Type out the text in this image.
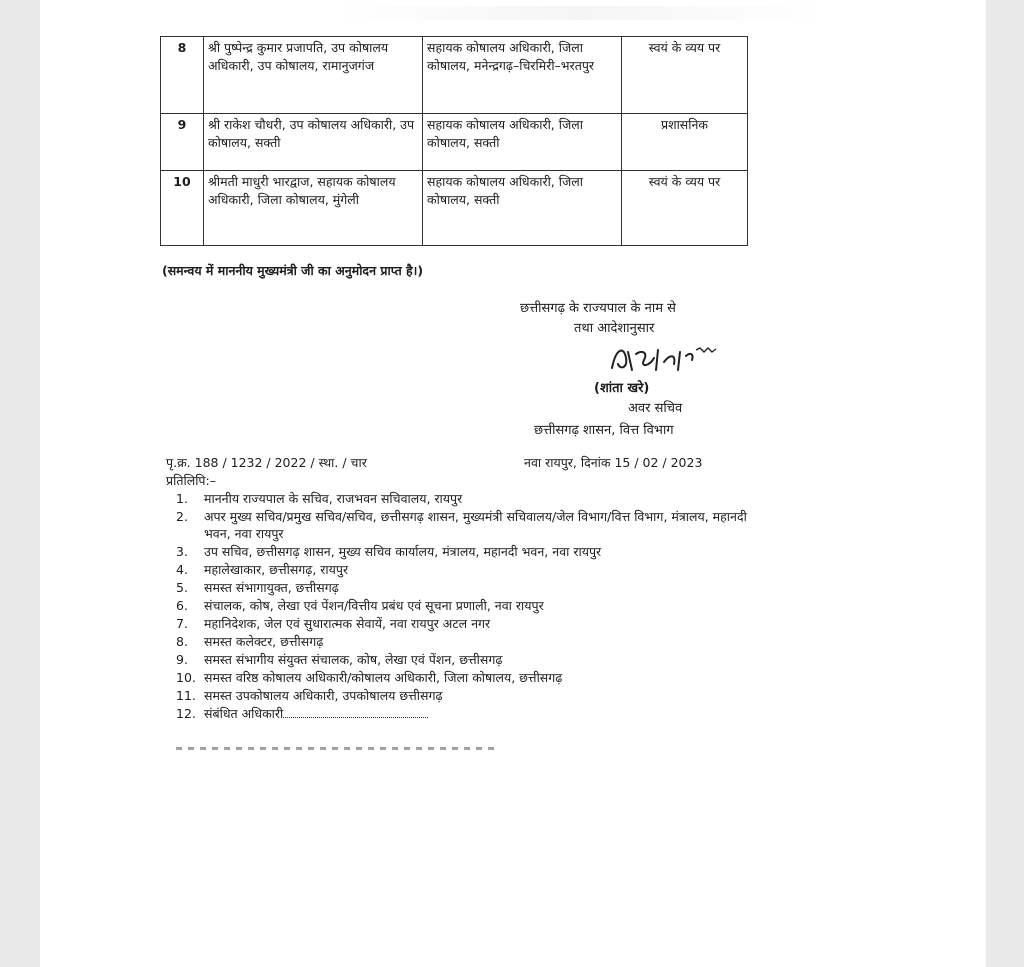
8	श्री पुष्पेन्द्र कुमार प्रजापति, उप कोषालय अधिकारी, उप कोषालय, रामानुजगंज	सहायक कोषालय अधिकारी, जिला कोषालय, मनेन्द्रगढ़–चिरमिरी–भरतपुर	स्वयं के व्यय पर
9	श्री राकेश चौधरी, उप कोषालय अधिकारी, उप कोषालय, सक्ती	सहायक कोषालय अधिकारी, जिला कोषालय, सक्ती	प्रशासनिक
10	श्रीमती माधुरी भारद्वाज, सहायक कोषालय अधिकारी, जिला कोषालय, मुंगेली	सहायक कोषालय अधिकारी, जिला कोषालय, सक्ती	स्वयं के व्यय पर
(समन्वय में माननीय मुख्यमंत्री जी का अनुमोदन प्राप्त है।)
छत्तीसगढ़ के राज्यपाल के नाम से
तथा आदेशानुसार
(शांता खरे)
अवर सचिव
छत्तीसगढ़ शासन, वित्त विभाग
पृ.क्र. 188 / 1232 / 2022 / स्था. / चार	नवा रायपुर, दिनांक 15 / 02 / 2023
प्रतिलिपि:–
1. माननीय राज्यपाल के सचिव, राजभवन सचिवालय, रायपुर
2. अपर मुख्य सचिव/प्रमुख सचिव/सचिव, छत्तीसगढ़ शासन, मुख्यमंत्री सचिवालय/जेल विभाग/वित्त विभाग, मंत्रालय, महानदी भवन, नवा रायपुर
3. उप सचिव, छत्तीसगढ़ शासन, मुख्य सचिव कार्यालय, मंत्रालय, महानदी भवन, नवा रायपुर
4. महालेखाकार, छत्तीसगढ़, रायपुर
5. समस्त संभागायुक्त, छत्तीसगढ़
6. संचालक, कोष, लेखा एवं पेंशन/वित्तीय प्रबंध एवं सूचना प्रणाली, नवा रायपुर
7. महानिदेशक, जेल एवं सुधारात्मक सेवायें, नवा रायपुर अटल नगर
8. समस्त कलेक्टर, छत्तीसगढ़
9. समस्त संभागीय संयुक्त संचालक, कोष, लेखा एवं पेंशन, छत्तीसगढ़
10. समस्त वरिष्ठ कोषालय अधिकारी/कोषालय अधिकारी, जिला कोषालय, छत्तीसगढ़
11. समस्त उपकोषालय अधिकारी, उपकोषालय छत्तीसगढ़
12. संबंधित अधिकारी
